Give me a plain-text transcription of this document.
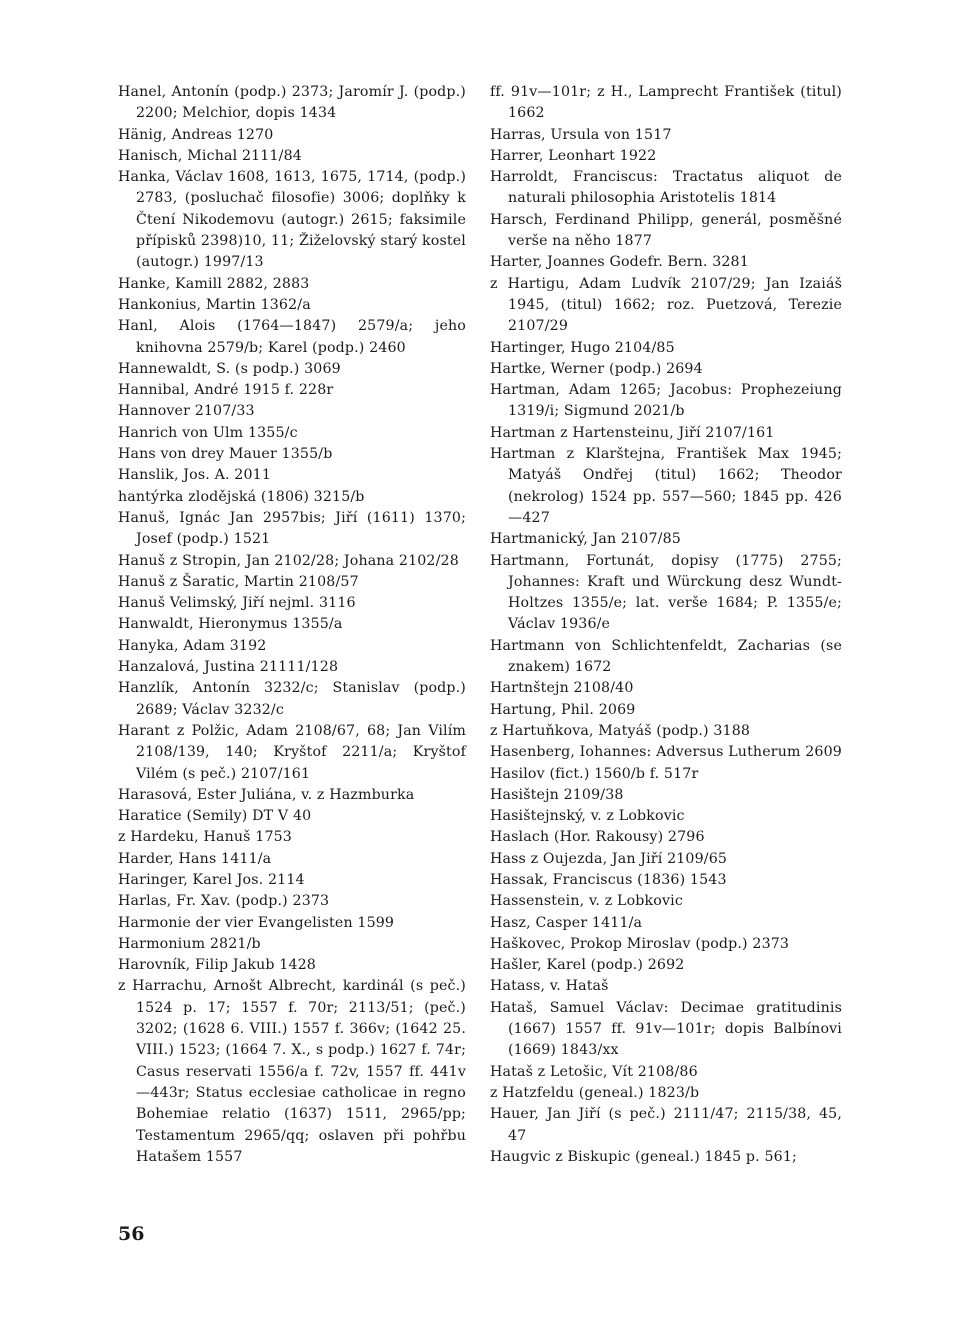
Hanel, Antonín (podp.) 2373; Jaromír J. (podp.) 2200; Melchior, dopis 1434
Hänig, Andreas 1270
Hanisch, Michal 2111/84
Hanka, Václav 1608, 1613, 1675, 1714, (podp.) 2783, (posluchač filosofie) 3006; doplňky k Čtení Nikodemovu (autogr.) 2615; faksimile přípisků 2398)10, 11; Žiželovský starý kostel (autogr.) 1997/13
Hanke, Kamill 2882, 2883
Hankonius, Martin 1362/a
Hanl, Alois (1764—1847) 2579/a; jeho knihovna 2579/b; Karel (podp.) 2460
Hannewaldt, S. (s podp.) 3069
Hannibal, André 1915 f. 228r
Hannover 2107/33
Hanrich von Ulm 1355/c
Hans von drey Mauer 1355/b
Hanslik, Jos. A. 2011
hantýrka zlodějská (1806) 3215/b
Hanuš, Ignác Jan 2957bis; Jiří (1611) 1370; Josef (podp.) 1521
Hanuš z Stropin, Jan 2102/28; Johana 2102/28
Hanuš z Šaratic, Martin 2108/57
Hanuš Velimský, Jiří nejml. 3116
Hanwaldt, Hieronymus 1355/a
Hanyka, Adam 3192
Hanzalová, Justina 21111/128
Hanzlík, Antonín 3232/c; Stanislav (podp.) 2689; Václav 3232/c
Harant z Polžic, Adam 2108/67, 68; Jan Vilím 2108/139, 140; Kryštof 2211/a; Kryštof Vilém (s peč.) 2107/161
Harasová, Ester Juliána, v. z Hazmburka
Haratice (Semily) DT V 40
z Hardeku, Hanuš 1753
Harder, Hans 1411/a
Haringer, Karel Jos. 2114
Harlas, Fr. Xav. (podp.) 2373
Harmonie der vier Evangelisten 1599
Harmonium 2821/b
Harovník, Filip Jakub 1428
z Harrachu, Arnošt Albrecht, kardinál (s peč.) 1524 p. 17; 1557 f. 70r; 2113/51; (peč.) 3202; (1628 6. VIII.) 1557 f. 366v; (1642 25. VIII.) 1523; (1664 7. X., s podp.) 1627 f. 74r; Casus reservati 1556/a f. 72v, 1557 ff. 441v—443r; Status ecclesiae catholicae in regno Bohemiae relatio (1637) 1511, 2965/pp; Testamentum 2965/qq; oslaven při pohřbu Hatašem 1557
ff. 91v—101r; z H., Lamprecht František (titul) 1662
Harras, Ursula von 1517
Harrer, Leonhart 1922
Harroldt, Franciscus: Tractatus aliquot de naturali philosophia Aristotelis 1814
Harsch, Ferdinand Philipp, generál, posměšné verše na něho 1877
Harter, Joannes Godefr. Bern. 3281
z Hartigu, Adam Ludvík 2107/29; Jan Izaiáš 1945, (titul) 1662; roz. Puetzová, Terezie 2107/29
Hartinger, Hugo 2104/85
Hartke, Werner (podp.) 2694
Hartman, Adam 1265; Jacobus: Prophezeiung 1319/i; Sigmund 2021/b
Hartman z Hartensteinu, Jiří 2107/161
Hartman z Klarštejna, František Max 1945; Matyáš Ondřej (titul) 1662; Theodor (nekrolog) 1524 pp. 557—560; 1845 pp. 426—427
Hartmanický, Jan 2107/85
Hartmann, Fortunát, dopisy (1775) 2755; Johannes: Kraft und Würckung desz Wundt-Holtzes 1355/e; lat. verše 1684; P. 1355/e; Václav 1936/e
Hartmann von Schlichtenfeldt, Zacharias (se znakem) 1672
Hartnštejn 2108/40
Hartung, Phil. 2069
z Hartuňkova, Matyáš (podp.) 3188
Hasenberg, Iohannes: Adversus Lutherum 2609
Hasilov (fict.) 1560/b f. 517r
Hasištejn 2109/38
Hasištejnský, v. z Lobkovic
Haslach (Hor. Rakousy) 2796
Hass z Oujezda, Jan Jiří 2109/65
Hassak, Franciscus (1836) 1543
Hassenstein, v. z Lobkovic
Hasz, Casper 1411/a
Haškovec, Prokop Miroslav (podp.) 2373
Hašler, Karel (podp.) 2692
Hatass, v. Hataš
Hataš, Samuel Václav: Decimae gratitudinis (1667) 1557 ff. 91v—101r; dopis Balbínovi (1669) 1843/xx
Hataš z Letošic, Vít 2108/86
z Hatzfeldu (geneal.) 1823/b
Hauer, Jan Jiří (s peč.) 2111/47; 2115/38, 45, 47
Haugvic z Biskupic (geneal.) 1845 p. 561;
56
